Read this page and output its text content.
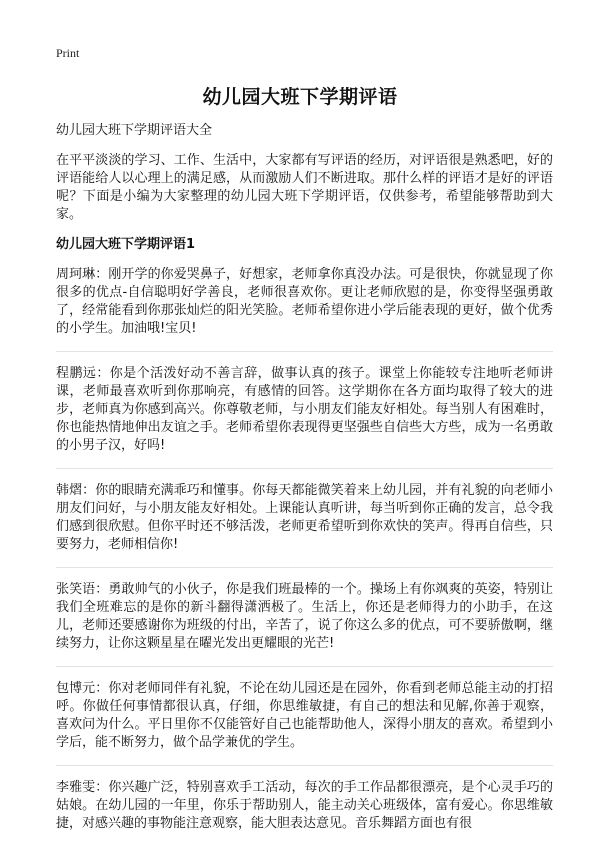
Print
幼儿园大班下学期评语

幼儿园大班下学期评语大全

在平平淡淡的学习、工作、生活中，大家都有写评语的经历，对评语很是熟悉吧，好的评语能给人以心理上的满足感，从而激励人们不断进取。那什么样的评语才是好的评语呢？下面是小编为大家整理的幼儿园大班下学期评语，仅供参考，希望能够帮助到大家。

幼儿园大班下学期评语1

周珂琳：刚开学的你爱哭鼻子，好想家，老师拿你真没办法。可是很快，你就显现了你很多的优点-自信聪明好学善良，老师很喜欢你。更让老师欣慰的是，你变得坚强勇敢了，经常能看到你那张灿烂的阳光笑脸。老师希望你进小学后能表现的更好，做个优秀的小学生。加油哦!宝贝!

程鹏远：你是个活泼好动不善言辞，做事认真的孩子。课堂上你能较专注地听老师讲课，老师最喜欢听到你那响亮，有感情的回答。这学期你在各方面均取得了较大的进步，老师真为你感到高兴。你尊敬老师，与小朋友们能友好相处。每当别人有困难时，你也能热情地伸出友谊之手。老师希望你表现得更坚强些自信些大方些，成为一名勇敢的小男子汉，好吗!

韩熠：你的眼睛充满乖巧和懂事。你每天都能微笑着来上幼儿园，并有礼貌的向老师小朋友们问好，与小朋友能友好相处。上课能认真听讲，每当听到你正确的发言，总令我们感到很欣慰。但你平时还不够活泼，老师更希望听到你欢快的笑声。得再自信些，只要努力，老师相信你!

张笑语：勇敢帅气的小伙子，你是我们班最棒的一个。操场上有你飒爽的英姿，特别让我们全班难忘的是你的新斗翻得潇洒极了。生活上，你还是老师得力的小助手，在这儿，老师还要感谢你为班级的付出，辛苦了，说了你这么多的优点，可不要骄傲啊，继续努力，让你这颗星星在曜光发出更耀眼的光芒!

包博元：你对老师同伴有礼貌，不论在幼儿园还是在园外，你看到老师总能主动的打招呼。你做任何事情都很认真，仔细，你思维敏捷，有自己的想法和见解,你善于观察，喜欢问为什么。平日里你不仅能管好自己也能帮助他人，深得小朋友的喜欢。希望到小学后，能不断努力，做个品学兼优的学生。

李雅雯：你兴趣广泛，特别喜欢手工活动，每次的手工作品都很漂亮，是个心灵手巧的姑娘。在幼儿园的一年里，你乐于帮助别人，能主动关心班级体，富有爱心。你思维敏捷，对感兴趣的事物能注意观察，能大胆表达意见。音乐舞蹈方面也有很
